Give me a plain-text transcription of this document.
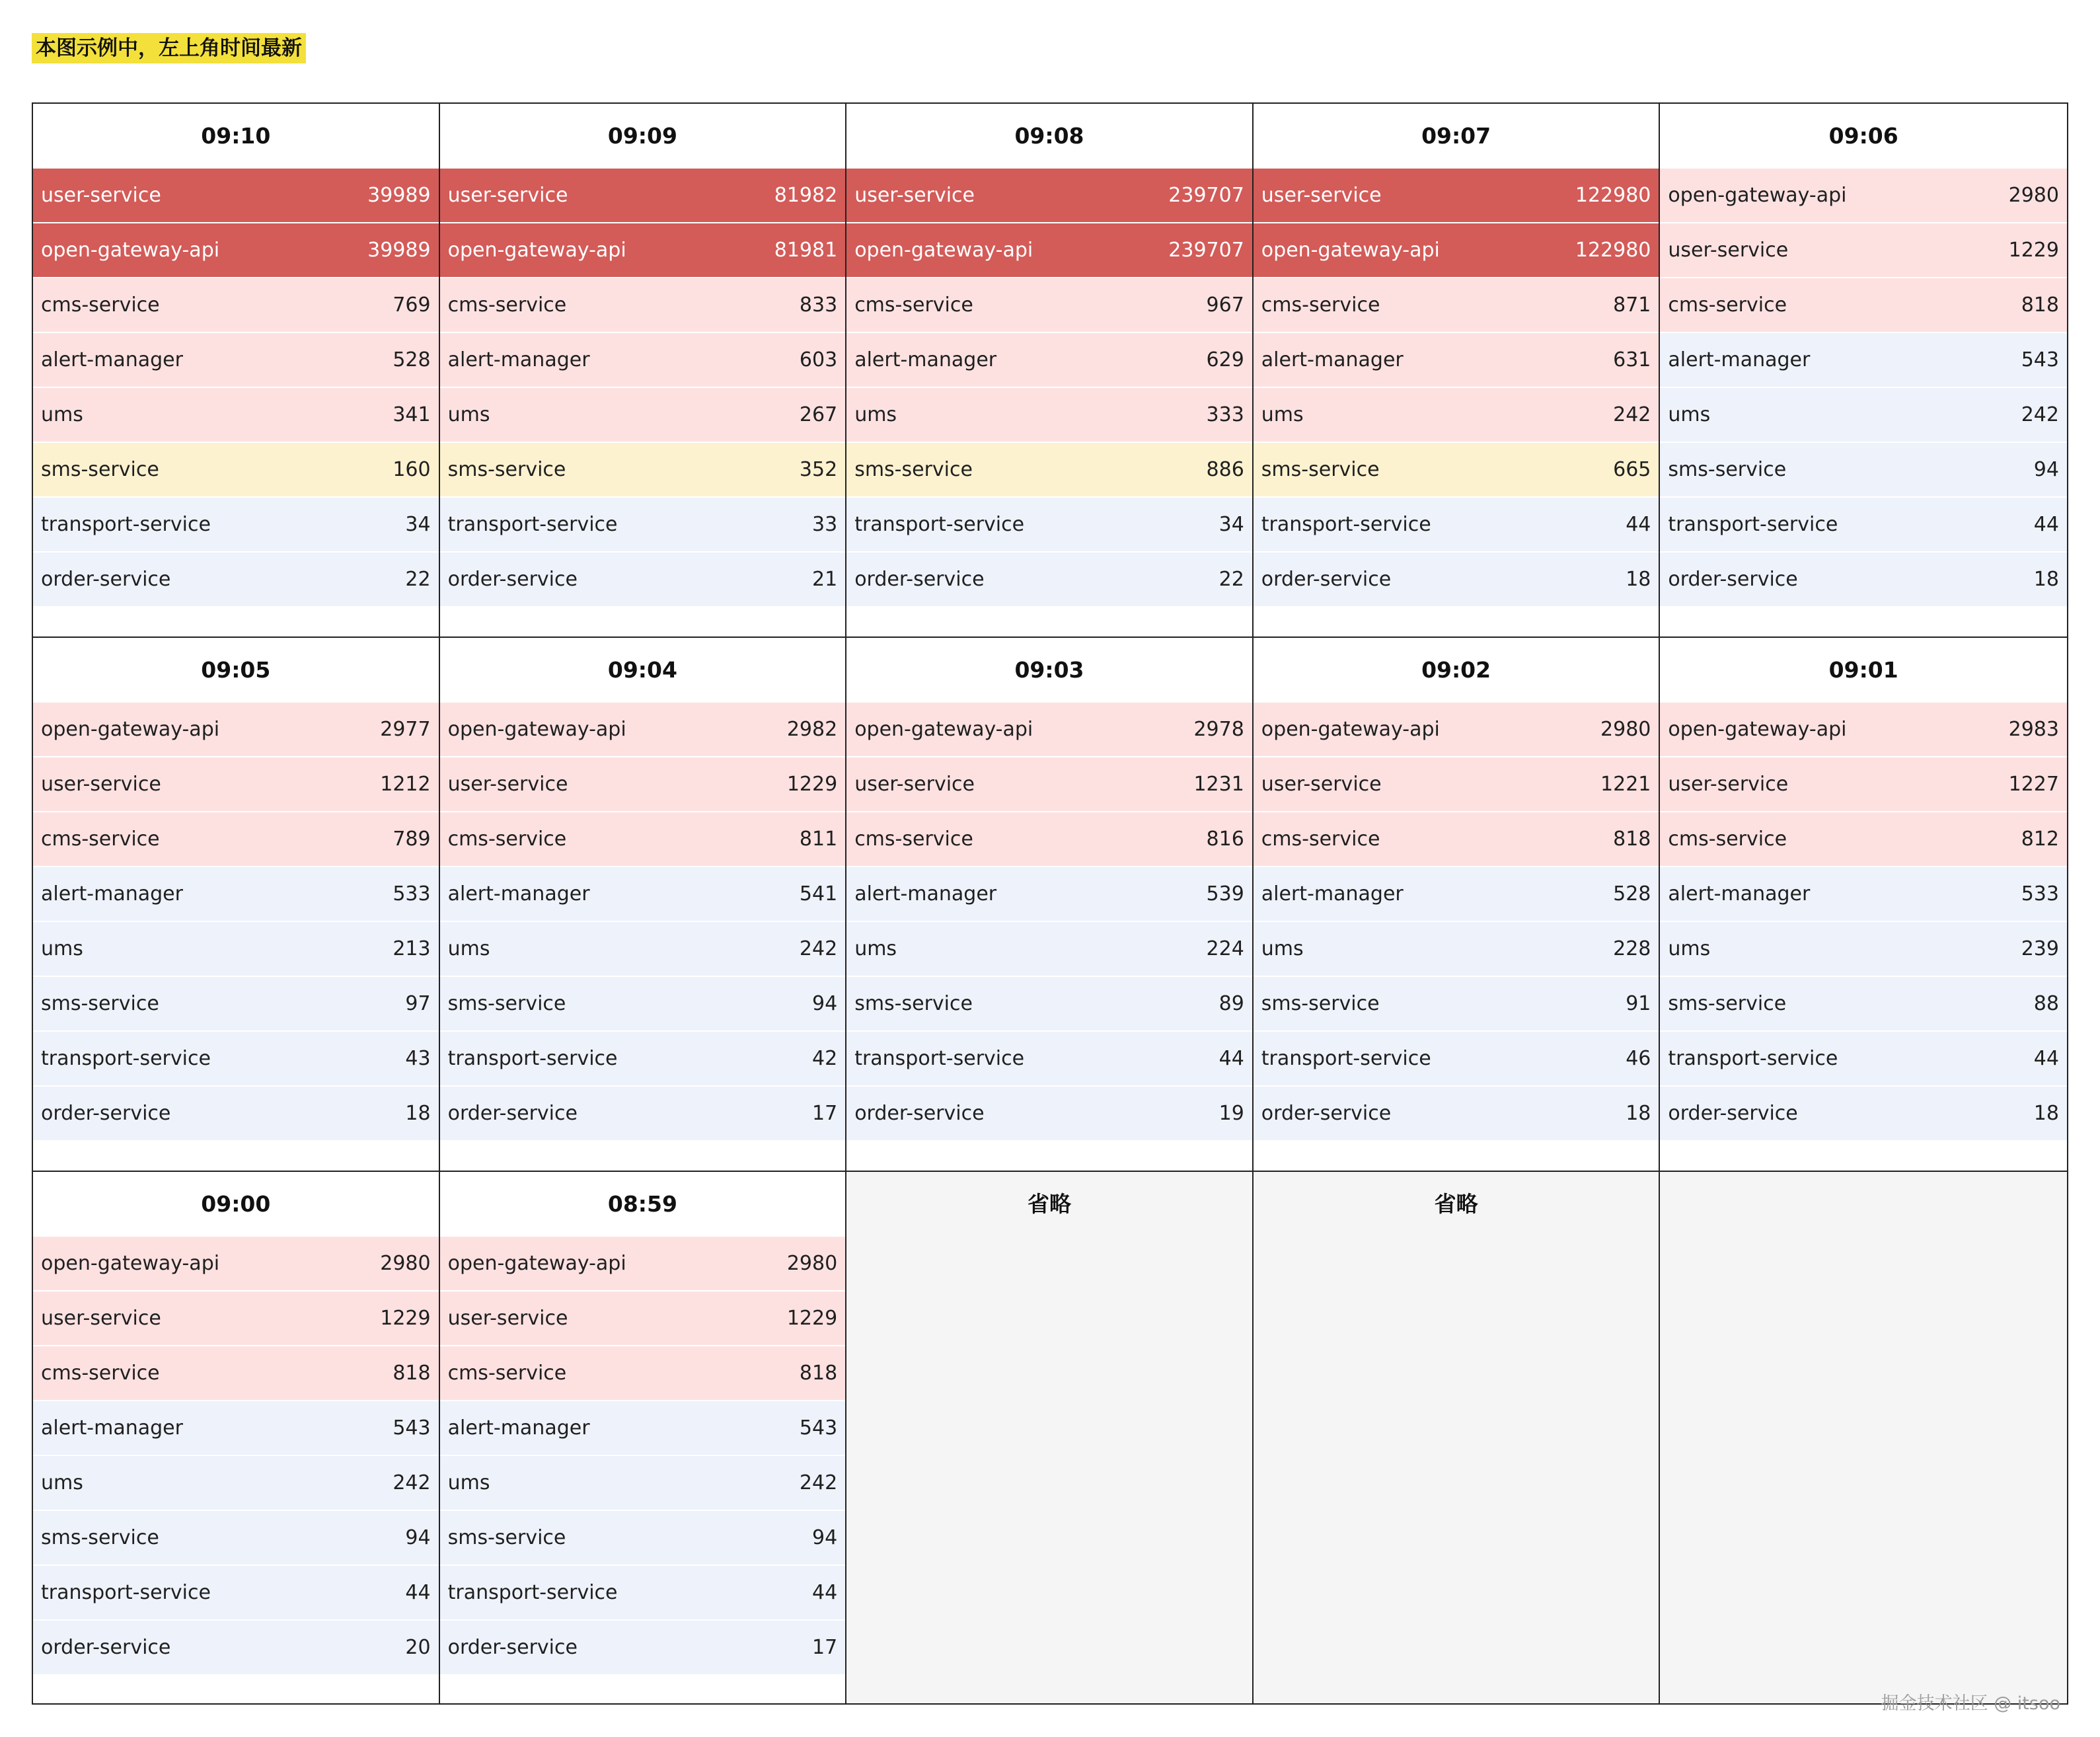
本图示例中，左上角时间最新
09:10
user-service	39989
open-gateway-api	39989
cms-service	769
alert-manager	528
ums	341
sms-service	160
transport-service	34
order-service	22
09:09
user-service	81982
open-gateway-api	81981
cms-service	833
alert-manager	603
ums	267
sms-service	352
transport-service	33
order-service	21
09:08
user-service	239707
open-gateway-api	239707
cms-service	967
alert-manager	629
ums	333
sms-service	886
transport-service	34
order-service	22
09:07
user-service	122980
open-gateway-api	122980
cms-service	871
alert-manager	631
ums	242
sms-service	665
transport-service	44
order-service	18
09:06
open-gateway-api	2980
user-service	1229
cms-service	818
alert-manager	543
ums	242
sms-service	94
transport-service	44
order-service	18
09:05
open-gateway-api	2977
user-service	1212
cms-service	789
alert-manager	533
ums	213
sms-service	97
transport-service	43
order-service	18
09:04
open-gateway-api	2982
user-service	1229
cms-service	811
alert-manager	541
ums	242
sms-service	94
transport-service	42
order-service	17
09:03
open-gateway-api	2978
user-service	1231
cms-service	816
alert-manager	539
ums	224
sms-service	89
transport-service	44
order-service	19
09:02
open-gateway-api	2980
user-service	1221
cms-service	818
alert-manager	528
ums	228
sms-service	91
transport-service	46
order-service	18
09:01
open-gateway-api	2983
user-service	1227
cms-service	812
alert-manager	533
ums	239
sms-service	88
transport-service	44
order-service	18
09:00
open-gateway-api	2980
user-service	1229
cms-service	818
alert-manager	543
ums	242
sms-service	94
transport-service	44
order-service	20
08:59
open-gateway-api	2980
user-service	1229
cms-service	818
alert-manager	543
ums	242
sms-service	94
transport-service	44
order-service	17
省略	省略
掘金技术社区 @ itsoo
